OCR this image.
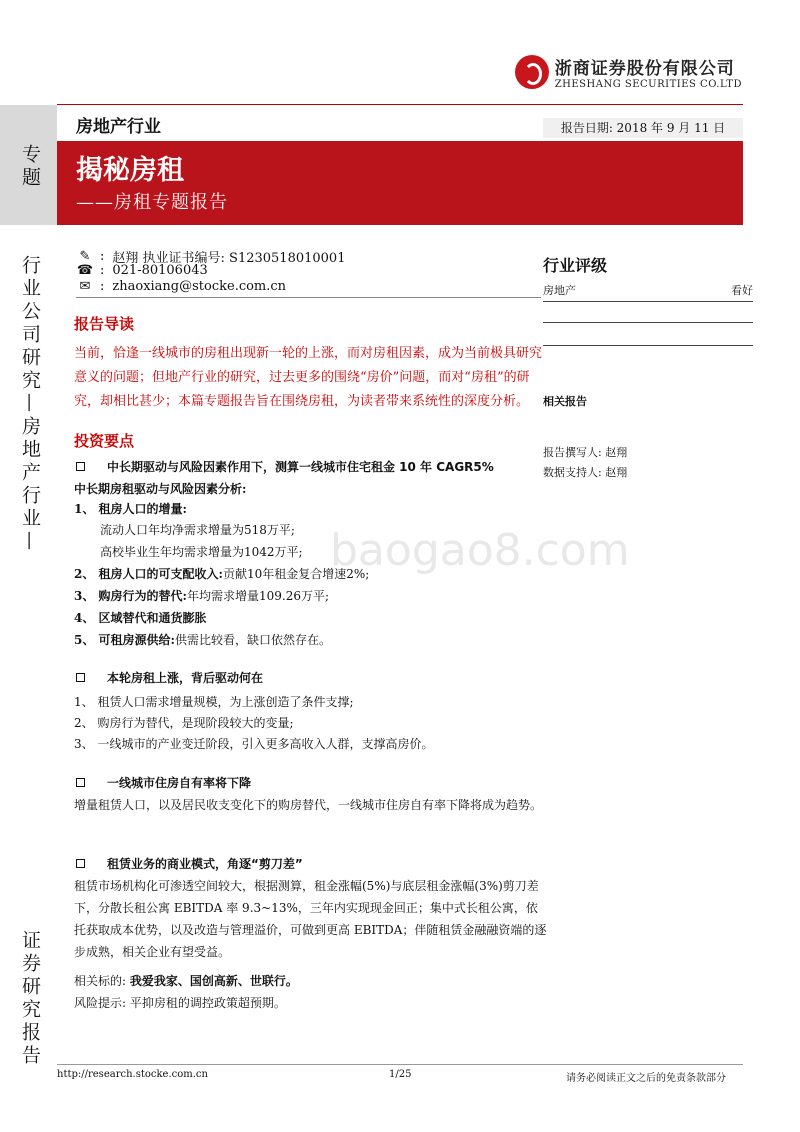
浙商证券股份有限公司
ZHESHANG SECURITIES CO.LTD
专题
行业公司研究—房地产行业—
证券研究报告
房地产行业	报告日期: 2018 年 9 月 11 日
揭秘房租
——房租专题报告
✎ : 赵翔 执业证书编号: S1230518010001
☎ : 021-80106043
✉ : zhaoxiang@stocke.com.cn
行业评级
房地产	看好
相关报告
报告撰写人: 赵翔
数据支持人: 赵翔
报告导读
当前，恰逢一线城市的房租出现新一轮的上涨，而对房租因素，成为当前极具研究意义的问题；但地产行业的研究，过去更多的围绕“房价”问题，而对“房租”的研究，却相比甚少；本篇专题报告旨在围绕房租，为读者带来系统性的深度分析。
投资要点
中长期驱动与风险因素作用下，测算一线城市住宅租金 10 年 CAGR5%
中长期房租驱动与风险因素分析:
1、 租房人口的增量:
流动人口年均净需求增量为518万平;
高校毕业生年均需求增量为1042万平;
2、 租房人口的可支配收入:贡献10年租金复合增速2%;
3、 购房行为的替代:年均需求增量109.26万平;
4、 区域替代和通货膨胀
5、 可租房源供给:供需比较看，缺口依然存在。
本轮房租上涨，背后驱动何在
1、 租赁人口需求增量规模，为上涨创造了条件支撑;
2、 购房行为替代，是现阶段较大的变量;
3、 一线城市的产业变迁阶段，引入更多高收入人群，支撑高房价。
一线城市住房自有率将下降
增量租赁人口，以及居民收支变化下的购房替代，一线城市住房自有率下降将成为趋势。
租赁业务的商业模式，角逐“剪刀差”
租赁市场机构化可渗透空间较大，根据测算，租金涨幅(5%)与底层租金涨幅(3%)剪刀差下，分散长租公寓 EBITDA 率 9.3~13%，三年内实现现金回正；集中式长租公寓，依托获取成本优势，以及改造与管理溢价，可做到更高 EBITDA；伴随租赁金融融资端的逐步成熟，相关企业有望受益。
相关标的: 我爱我家、国创高新、世联行。
风险提示: 平抑房租的调控政策超预期。
baogao8.com
http://research.stocke.com.cn	1/25	请务必阅读正文之后的免责条款部分
